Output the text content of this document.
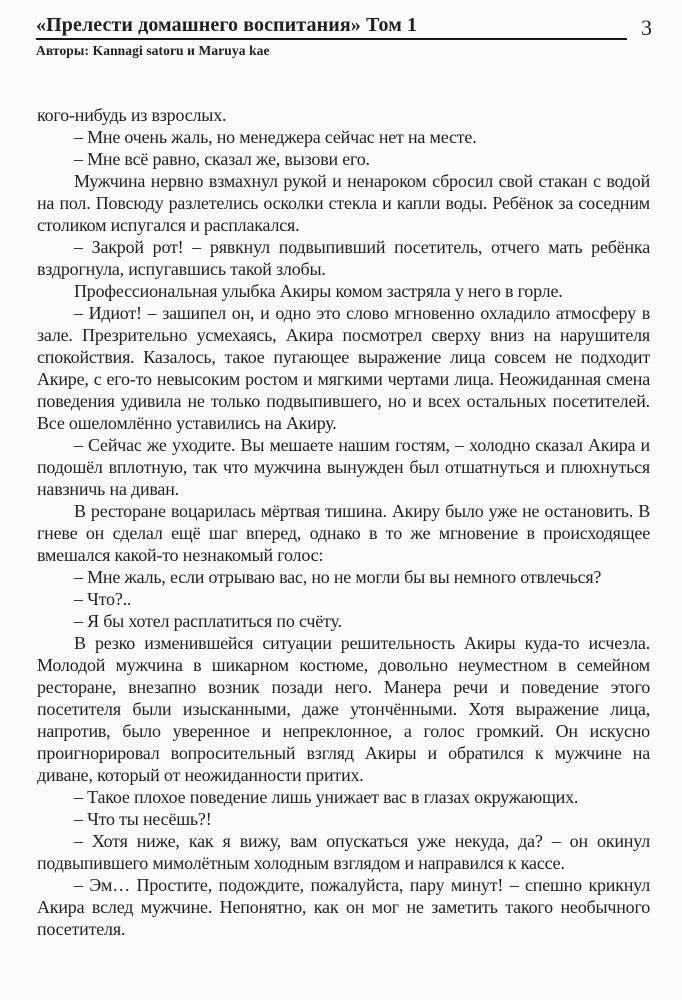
«Прелести домашнего воспитания» Том 1	3
Авторы: Kannagi satoru и Maruya kae

кого-нибудь из взрослых.

– Мне очень жаль, но менеджера сейчас нет на месте.

– Мне всё равно, сказал же, вызови его.

Мужчина нервно взмахнул рукой и ненароком сбросил свой стакан с водой на пол. Повсюду разлетелись осколки стекла и капли воды. Ребёнок за соседним столиком испугался и расплакался.

– Закрой рот! – рявкнул подвыпивший посетитель, отчего мать ребёнка вздрогнула, испугавшись такой злобы.

Профессиональная улыбка Акиры комом застряла у него в горле.

– Идиот! – зашипел он, и одно это слово мгновенно охладило атмосферу в зале. Презрительно усмехаясь, Акира посмотрел сверху вниз на нарушителя спокойствия. Казалось, такое пугающее выражение лица совсем не подходит Акире, с его-то невысоким ростом и мягкими чертами лица. Неожиданная смена поведения удивила не только подвыпившего, но и всех остальных посетителей. Все ошеломлённо уставились на Акиру.

– Сейчас же уходите. Вы мешаете нашим гостям, – холодно сказал Акира и подошёл вплотную, так что мужчина вынужден был отшатнуться и плюхнуться навзничь на диван.

В ресторане воцарилась мёртвая тишина. Акиру было уже не остановить. В гневе он сделал ещё шаг вперед, однако в то же мгновение в происходящее вмешался какой-то незнакомый голос:

– Мне жаль, если отрываю вас, но не могли бы вы немного отвлечься?

– Что?..

– Я бы хотел расплатиться по счёту.

В резко изменившейся ситуации решительность Акиры куда-то исчезла. Молодой мужчина в шикарном костюме, довольно неуместном в семейном ресторане, внезапно возник позади него. Манера речи и поведение этого посетителя были изысканными, даже утончёнными. Хотя выражение лица, напротив, было уверенное и непреклонное, а голос громкий. Он искусно проигнорировал вопросительный взгляд Акиры и обратился к мужчине на диване, который от неожиданности притих.

– Такое плохое поведение лишь унижает вас в глазах окружающих.

– Что ты несёшь?!

– Хотя ниже, как я вижу, вам опускаться уже некуда, да? – он окинул подвыпившего мимолётным холодным взглядом и направился к кассе.

– Эм… Простите, подождите, пожалуйста, пару минут! – спешно крикнул Акира вслед мужчине. Непонятно, как он мог не заметить такого необычного посетителя.
